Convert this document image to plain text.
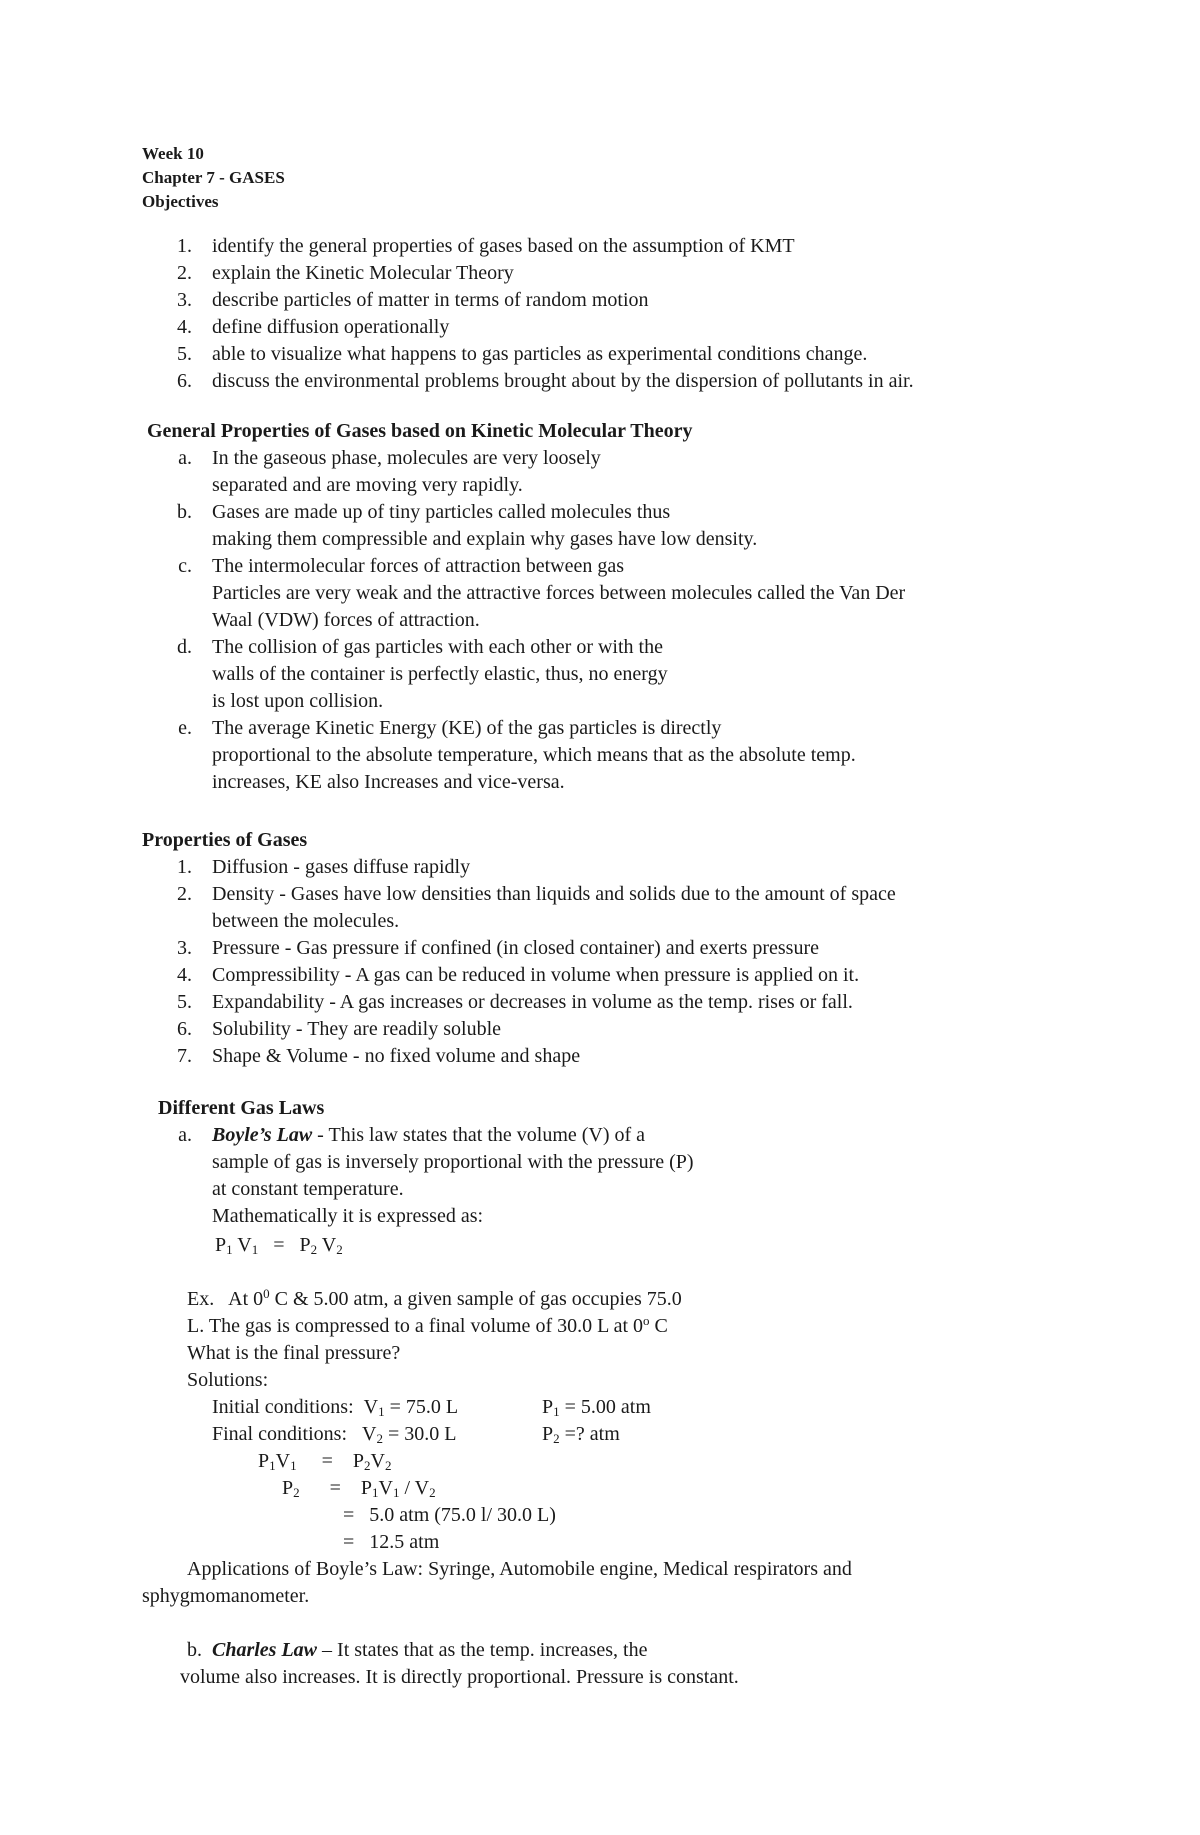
Week 10
Chapter 7 - GASES
Objectives
1. identify the general properties of gases based on the assumption of KMT
2. explain the Kinetic Molecular Theory
3. describe particles of matter in terms of random motion
4. define diffusion operationally
5. able to visualize what happens to gas particles as experimental conditions change.
6. discuss the environmental problems brought about by the dispersion of pollutants in air.
General Properties of Gases based on Kinetic Molecular Theory
a. In the gaseous phase, molecules are very loosely
separated and are moving very rapidly.
b. Gases are made up of tiny particles called molecules thus
making them compressible and explain why gases have low density.
c. The intermolecular forces of attraction between gas
Particles are very weak and the attractive forces between molecules called the Van Der
Waal (VDW) forces of attraction.
d. The collision of gas particles with each other or with the
walls of the container is perfectly elastic, thus, no energy
is lost upon collision.
e. The average Kinetic Energy (KE) of the gas particles is directly
proportional to the absolute temperature, which means that as the absolute temp.
increases, KE also Increases and vice-versa.
Properties of Gases
1. Diffusion - gases diffuse rapidly
2. Density - Gases have low densities than liquids and solids due to the amount of space
between the molecules.
3. Pressure - Gas pressure if confined (in closed container) and exerts pressure
4. Compressibility - A gas can be reduced in volume when pressure is applied on it.
5. Expandability - A gas increases or decreases in volume as the temp. rises or fall.
6. Solubility - They are readily soluble
7. Shape & Volume - no fixed volume and shape
Different Gas Laws
a. Boyle’s Law - This law states that the volume (V) of a
sample of gas is inversely proportional with the pressure (P)
at constant temperature.
Mathematically it is expressed as:
$P_1$ $V_1 = P_2$ $V_2$
Ex. At $0^0$ C & 5.00 atm, a given sample of gas occupies 75.0
L. The gas is compressed to a final volume of 30.0 L at 0$^o$ C
What is the final pressure?
Solutions:
Initial conditions: $V_1 = 75.0$ L	$P_1 = 5.00$ atm
Final conditions: $V_2 = 30.0$ L	$P_2$ =? atm
$P_1V_1 = P_2V_2$
$P_2 = P_1V_1 / V_2$
= 5.0 atm (75.0 l/ 30.0 L)
= 12.5 atm
Applications of Boyle’s Law: Syringe, Automobile engine, Medical respirators and
sphygmomanometer.
b. Charles Law – It states that as the temp. increases, the
volume also increases. It is directly proportional. Pressure is constant.
